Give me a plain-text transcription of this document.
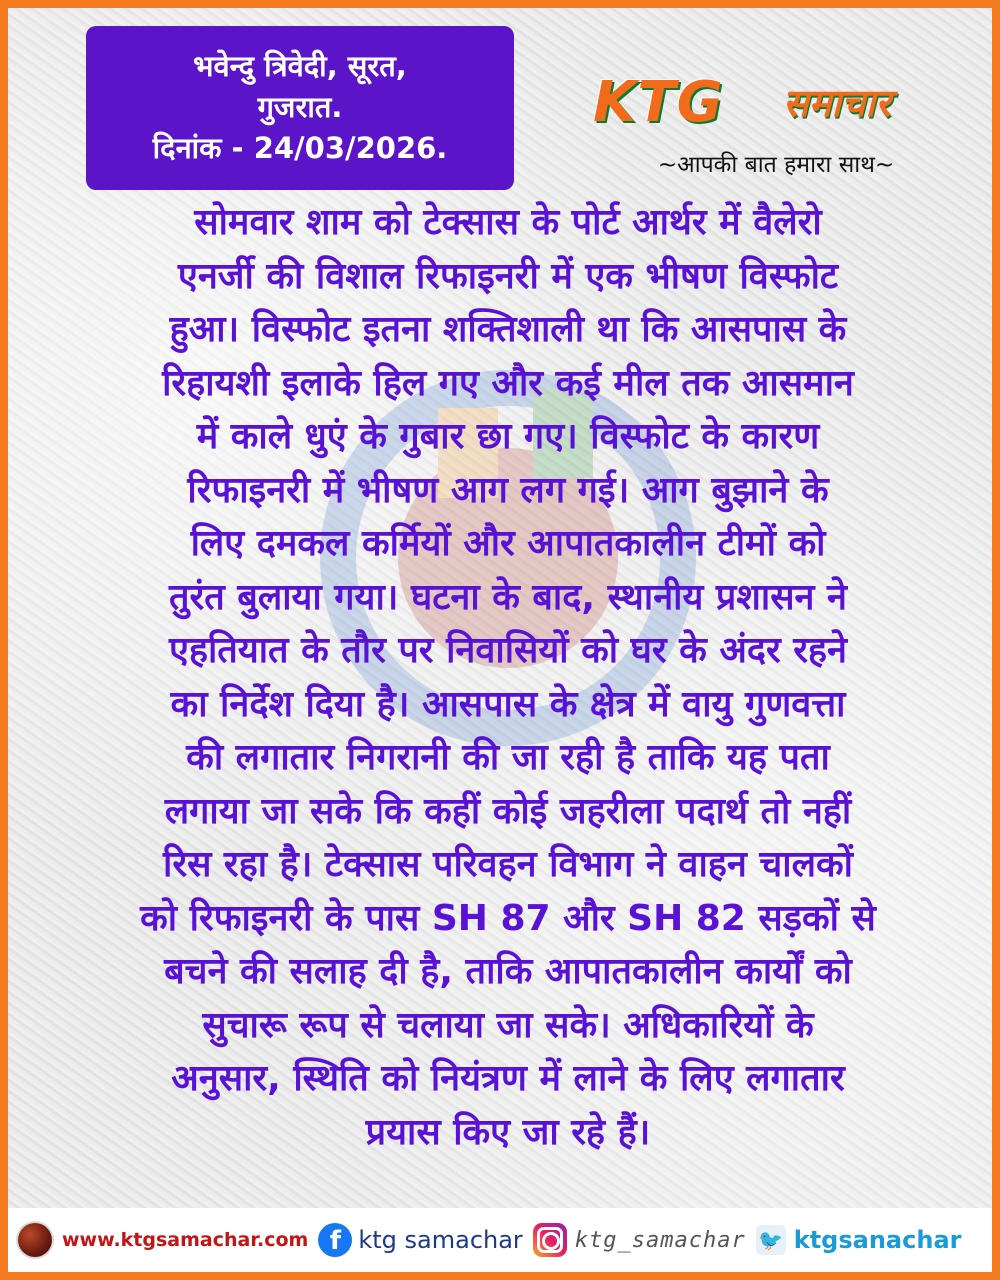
भवेन्दु त्रिवेदी, सूरत,
गुजरात.
दिनांक - 24/03/2026.
KTG समाचार
~आपकी बात हमारा साथ~
सोमवार शाम को टेक्सास के पोर्ट आर्थर में वैलेरो
एनर्जी की विशाल रिफाइनरी में एक भीषण विस्फोट
हुआ। विस्फोट इतना शक्तिशाली था कि आसपास के
रिहायशी इलाके हिल गए और कई मील तक आसमान
में काले धुएं के गुबार छा गए। विस्फोट के कारण
रिफाइनरी में भीषण आग लग गई। आग बुझाने के
लिए दमकल कर्मियों और आपातकालीन टीमों को
तुरंत बुलाया गया। घटना के बाद, स्थानीय प्रशासन ने
एहतियात के तौर पर निवासियों को घर के अंदर रहने
का निर्देश दिया है। आसपास के क्षेत्र में वायु गुणवत्ता
की लगातार निगरानी की जा रही है ताकि यह पता
लगाया जा सके कि कहीं कोई जहरीला पदार्थ तो नहीं
रिस रहा है। टेक्सास परिवहन विभाग ने वाहन चालकों
को रिफाइनरी के पास SH 87 और SH 82 सड़कों से
बचने की सलाह दी है, ताकि आपातकालीन कार्यों को
सुचारू रूप से चलाया जा सके। अधिकारियों के
अनुसार, स्थिति को नियंत्रण में लाने के लिए लगातार
प्रयास किए जा रहे हैं।
www.ktgsamachar.com f ktg samachar ktg_samachar 🐦 ktgsanachar
